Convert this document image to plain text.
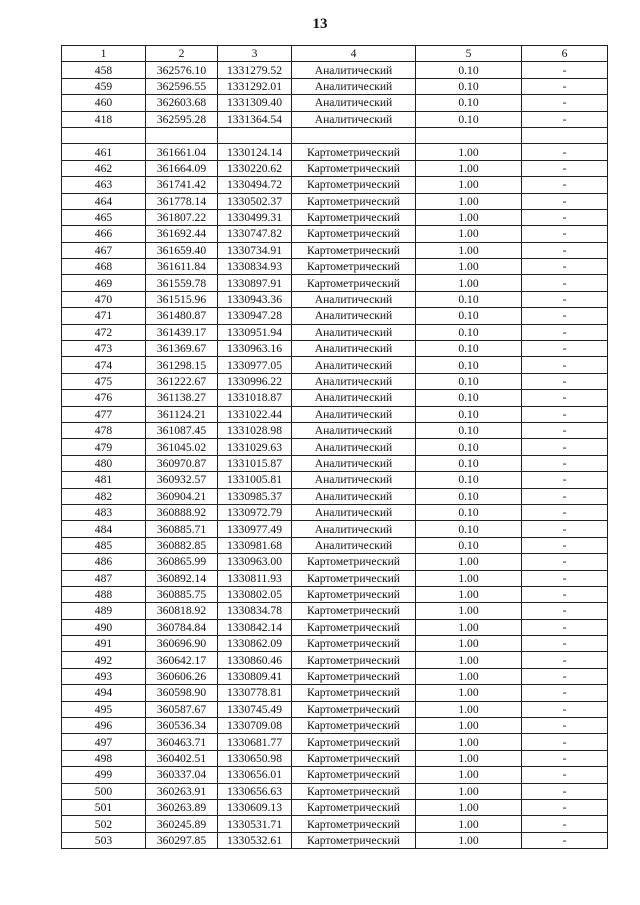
13
1	2	3	4	5	6
458	362576.10	1331279.52	Аналитический	0.10	-
459	362596.55	1331292.01	Аналитический	0.10	-
460	362603.68	1331309.40	Аналитический	0.10	-
418	362595.28	1331364.54	Аналитический	0.10	-

461	361661.04	1330124.14	Картометрический	1.00	-
462	361664.09	1330220.62	Картометрический	1.00	-
463	361741.42	1330494.72	Картометрический	1.00	-
464	361778.14	1330502.37	Картометрический	1.00	-
465	361807.22	1330499.31	Картометрический	1.00	-
466	361692.44	1330747.82	Картометрический	1.00	-
467	361659.40	1330734.91	Картометрический	1.00	-
468	361611.84	1330834.93	Картометрический	1.00	-
469	361559.78	1330897.91	Картометрический	1.00	-
470	361515.96	1330943.36	Аналитический	0.10	-
471	361480.87	1330947.28	Аналитический	0.10	-
472	361439.17	1330951.94	Аналитический	0.10	-
473	361369.67	1330963.16	Аналитический	0.10	-
474	361298.15	1330977.05	Аналитический	0.10	-
475	361222.67	1330996.22	Аналитический	0.10	-
476	361138.27	1331018.87	Аналитический	0.10	-
477	361124.21	1331022.44	Аналитический	0.10	-
478	361087.45	1331028.98	Аналитический	0.10	-
479	361045.02	1331029.63	Аналитический	0.10	-
480	360970.87	1331015.87	Аналитический	0.10	-
481	360932.57	1331005.81	Аналитический	0.10	-
482	360904.21	1330985.37	Аналитический	0.10	-
483	360888.92	1330972.79	Аналитический	0.10	-
484	360885.71	1330977.49	Аналитический	0.10	-
485	360882.85	1330981.68	Аналитический	0.10	-
486	360865.99	1330963.00	Картометрический	1.00	-
487	360892.14	1330811.93	Картометрический	1.00	-
488	360885.75	1330802.05	Картометрический	1.00	-
489	360818.92	1330834.78	Картометрический	1.00	-
490	360784.84	1330842.14	Картометрический	1.00	-
491	360696.90	1330862.09	Картометрический	1.00	-
492	360642.17	1330860.46	Картометрический	1.00	-
493	360606.26	1330809.41	Картометрический	1.00	-
494	360598.90	1330778.81	Картометрический	1.00	-
495	360587.67	1330745.49	Картометрический	1.00	-
496	360536.34	1330709.08	Картометрический	1.00	-
497	360463.71	1330681.77	Картометрический	1.00	-
498	360402.51	1330650.98	Картометрический	1.00	-
499	360337.04	1330656.01	Картометрический	1.00	-
500	360263.91	1330656.63	Картометрический	1.00	-
501	360263.89	1330609.13	Картометрический	1.00	-
502	360245.89	1330531.71	Картометрический	1.00	-
503	360297.85	1330532.61	Картометрический	1.00	-
